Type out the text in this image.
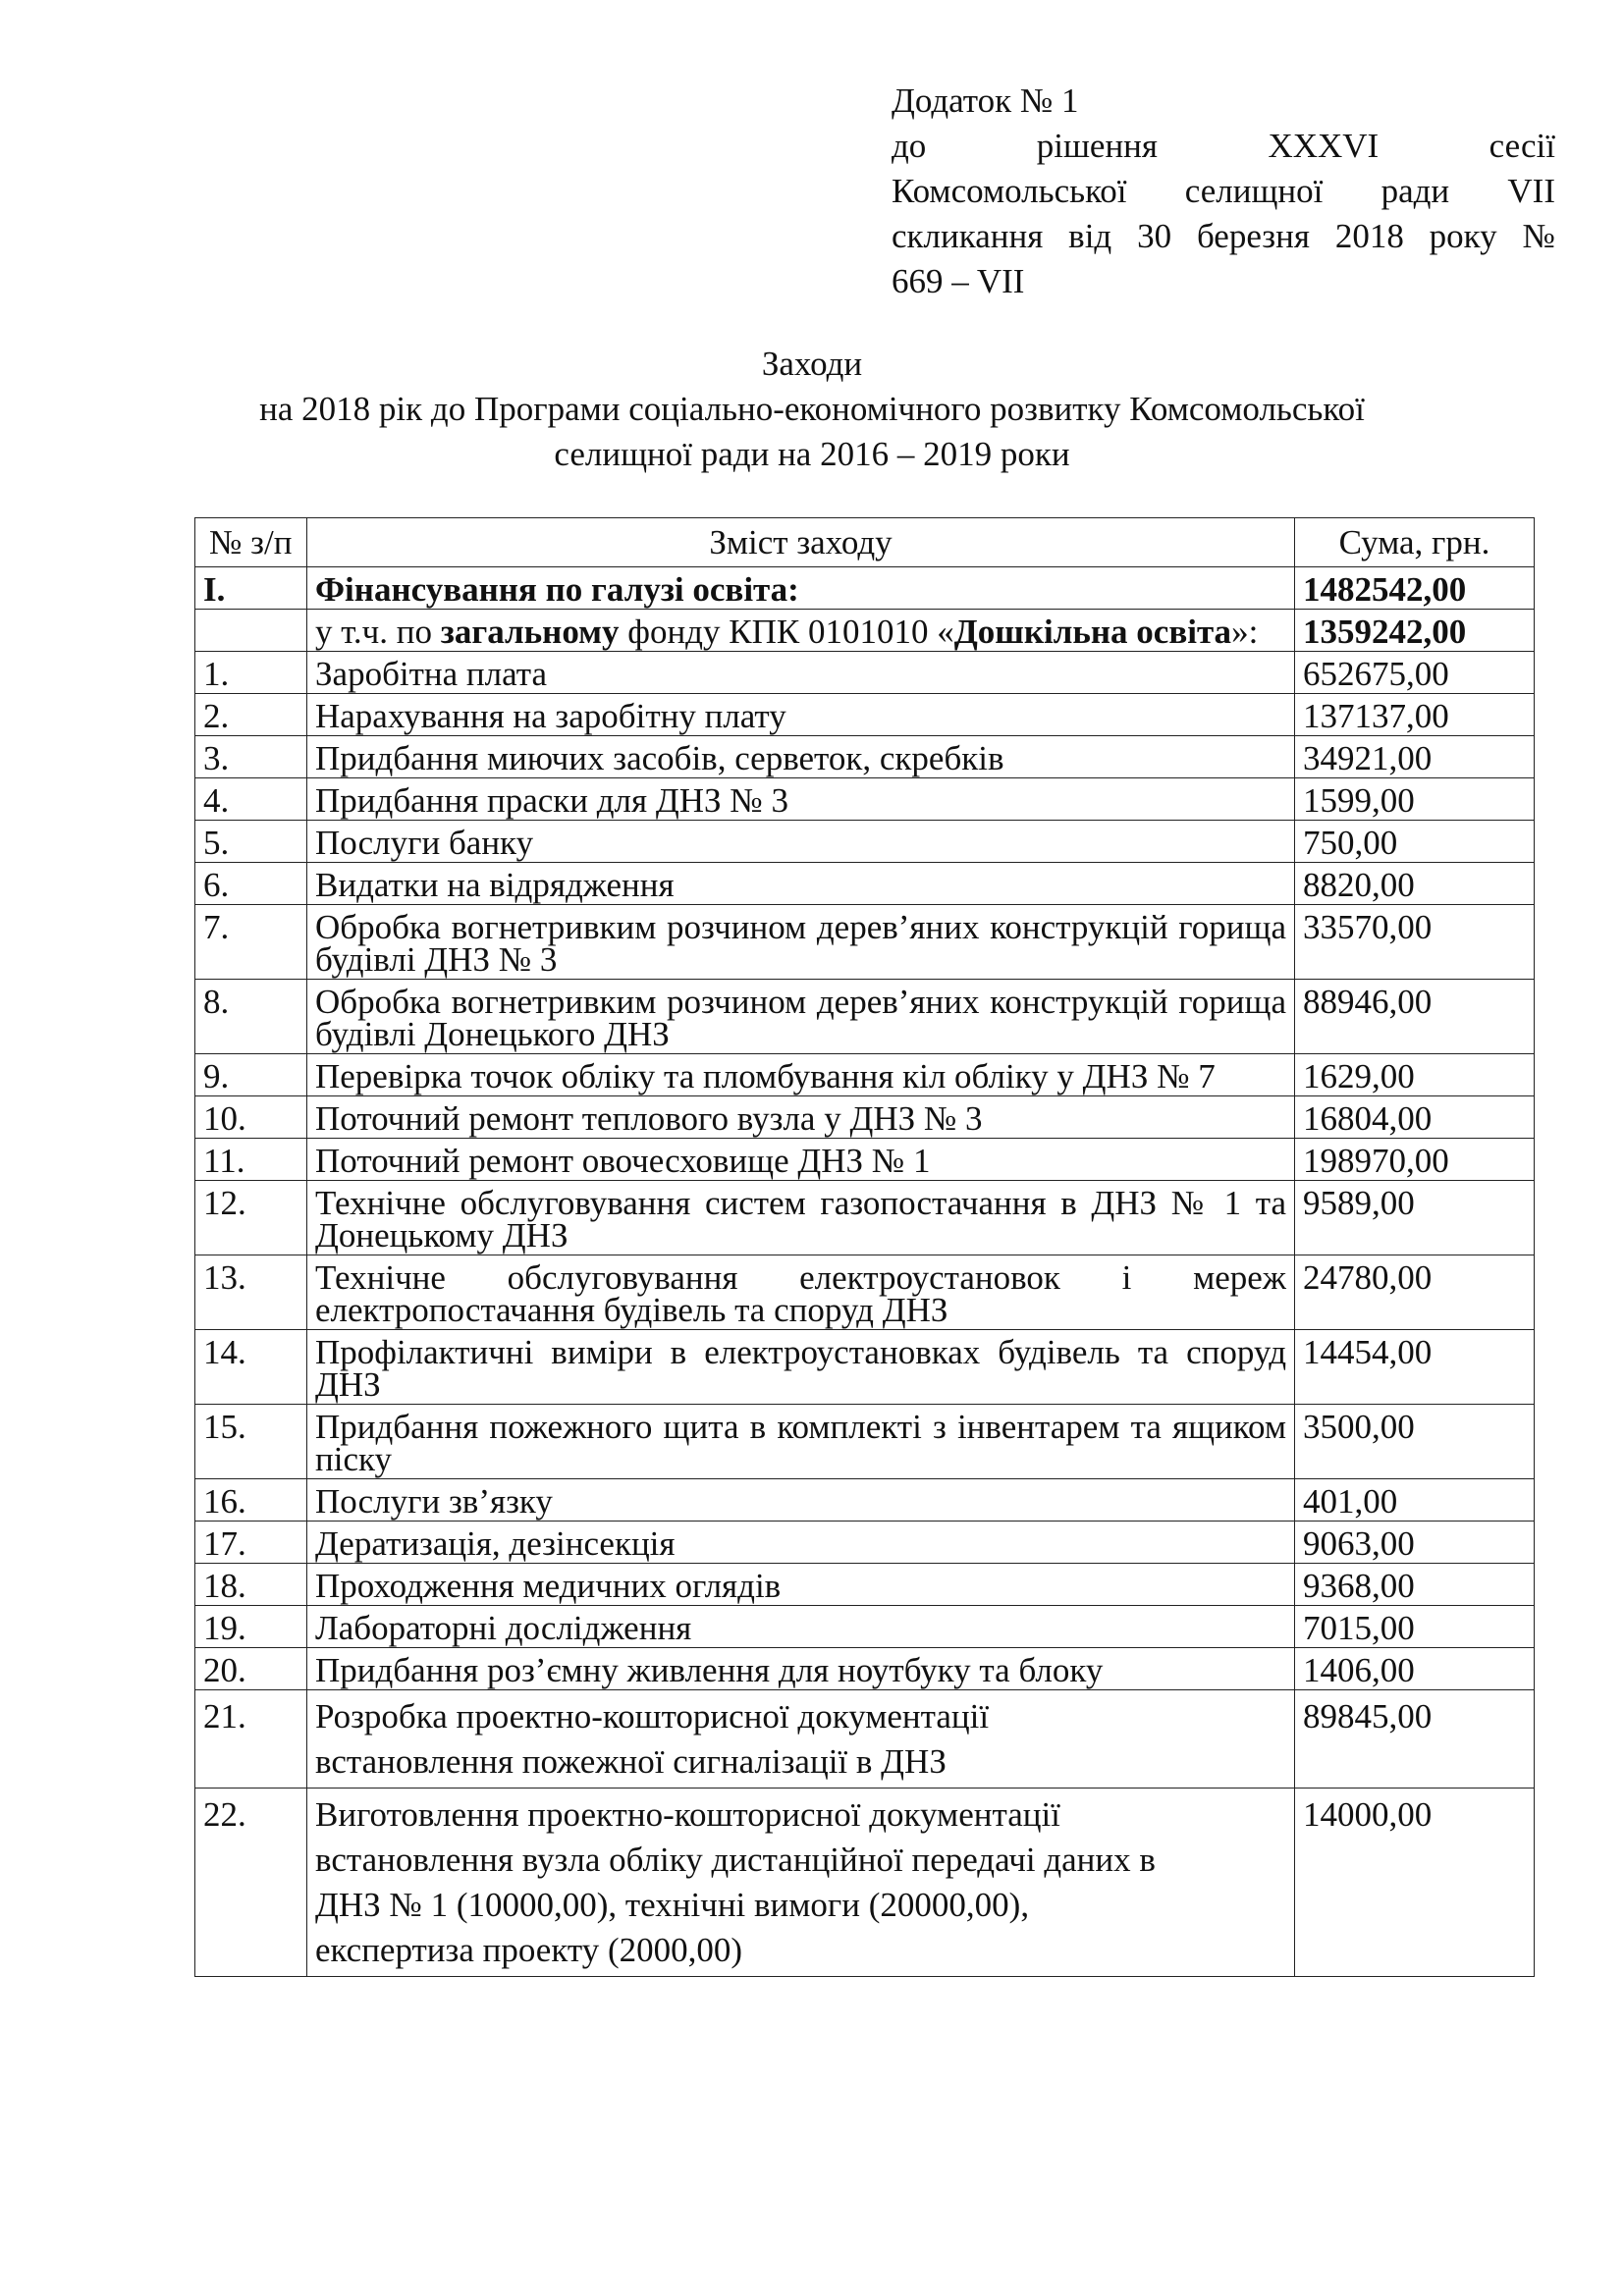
Додаток № 1
до	рішення	XXXVI	сесії
Комсомольської селищної ради VII
скликання від 30 березня 2018 року №
669 – VII
Заходи
на 2018 рік до Програми соціально-економічного розвитку Комсомольської
селищної ради на 2016 – 2019 роки
№ з/п	Зміст заходу	Сума, грн.
I.	Фінансування по галузі освіта:	1482542,00
	у т.ч. по загальному фонду КПК 0101010 «Дошкільна освіта»:	1359242,00
1.	Заробітна плата	652675,00
2.	Нарахування на заробітну плату	137137,00
3.	Придбання миючих засобів, серветок, скребків	34921,00
4.	Придбання праски для ДНЗ № 3	1599,00
5.	Послуги банку	750,00
6.	Видатки на відрядження	8820,00
7.	Обробка вогнетривким розчином дерев’яних конструкцій горища будівлі ДНЗ № 3	33570,00
8.	Обробка вогнетривким розчином дерев’яних конструкцій горища будівлі Донецького ДНЗ	88946,00
9.	Перевірка точок обліку та пломбування кіл обліку у ДНЗ № 7	1629,00
10.	Поточний ремонт теплового вузла у ДНЗ № 3	16804,00
11.	Поточний ремонт овочесховище ДНЗ № 1	198970,00
12.	Технічне обслуговування систем газопостачання в ДНЗ № 1 та Донецькому ДНЗ	9589,00
13.	Технічне обслуговування електроустановок і мереж електропостачання будівель та споруд ДНЗ	24780,00
14.	Профілактичні виміри в електроустановках будівель та споруд ДНЗ	14454,00
15.	Придбання пожежного щита в комплекті з інвентарем та ящиком піску	3500,00
16.	Послуги зв’язку	401,00
17.	Дератизація, дезінсекція	9063,00
18.	Проходження медичних оглядів	9368,00
19.	Лабораторні дослідження	7015,00
20.	Придбання роз’ємну живлення для ноутбуку та блоку	1406,00
21.	Розробка проектно-кошторисної документації
встановлення пожежної сигналізації в ДНЗ	89845,00
22.	Виготовлення проектно-кошторисної документації
встановлення вузла обліку дистанційної передачі даних в
ДНЗ № 1 (10000,00), технічні вимоги (20000,00),
експертиза проекту (2000,00)	14000,00
